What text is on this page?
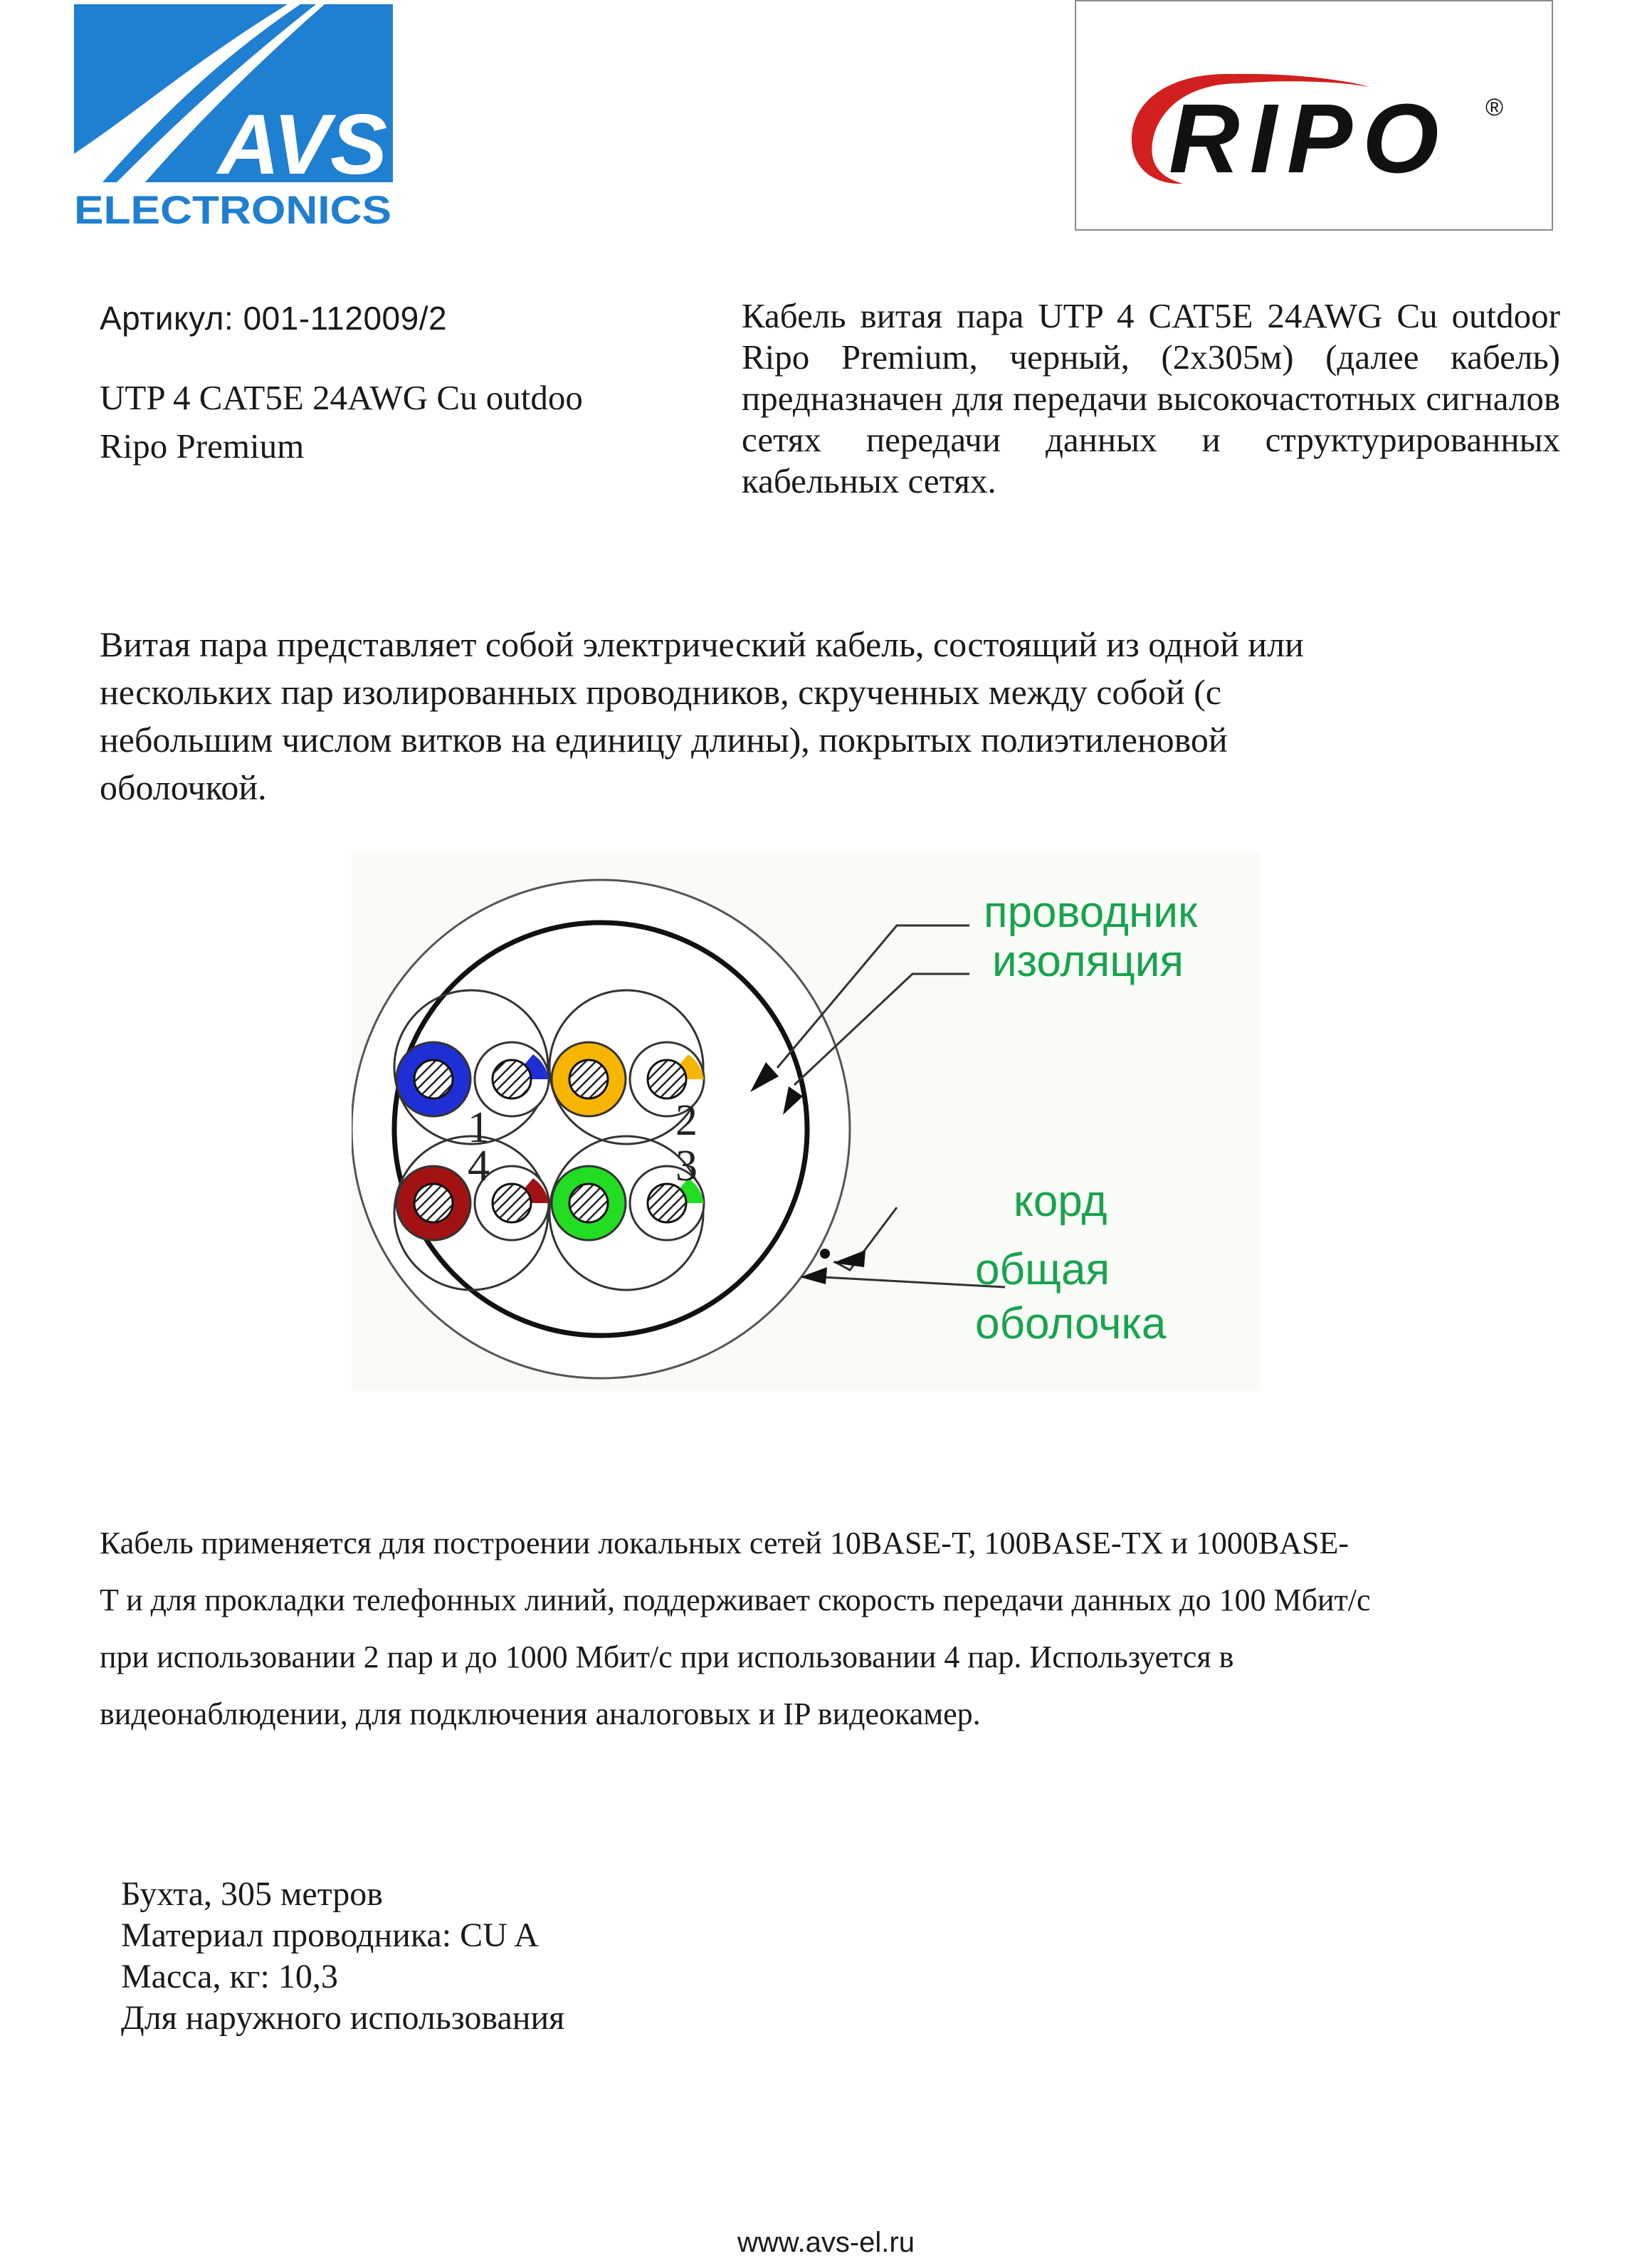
AVS
ELECTRONICS
RIPO ®
Артикул: 001-112009/2
UTP 4 CAT5E 24AWG Cu outdoo
Ripo Premium
Кабель витая пара UTP 4 CAT5E 24AWG Cu outdoor Ripo Premium, черный, (2х305м) (далее кабель) предназначен для передачи высокочастотных сигналов сетях передачи данных и структурированных кабельных сетях.
Витая пара представляет собой электрический кабель, состоящий из одной или
нескольких пар изолированных проводников, скрученных между собой (с
небольшим числом витков на единицу длины), покрытых полиэтиленовой
оболочкой.
1	2
3
4
проводник
изоляция
корд
общая
оболочка
Кабель применяется для построении локальных сетей 10BASE-T, 100BASE-TX и 1000BASE-
T и для прокладки телефонных линий, поддерживает скорость передачи данных до 100 Мбит/с
при использовании 2 пар и до 1000 Мбит/с при использовании 4 пар. Используется в
видеонаблюдении, для подключения аналоговых и IP видеокамер.
Бухта, 305 метров
Материал проводника: CU A
Масса, кг: 10,3
Для наружного использования
www.avs-el.ru
